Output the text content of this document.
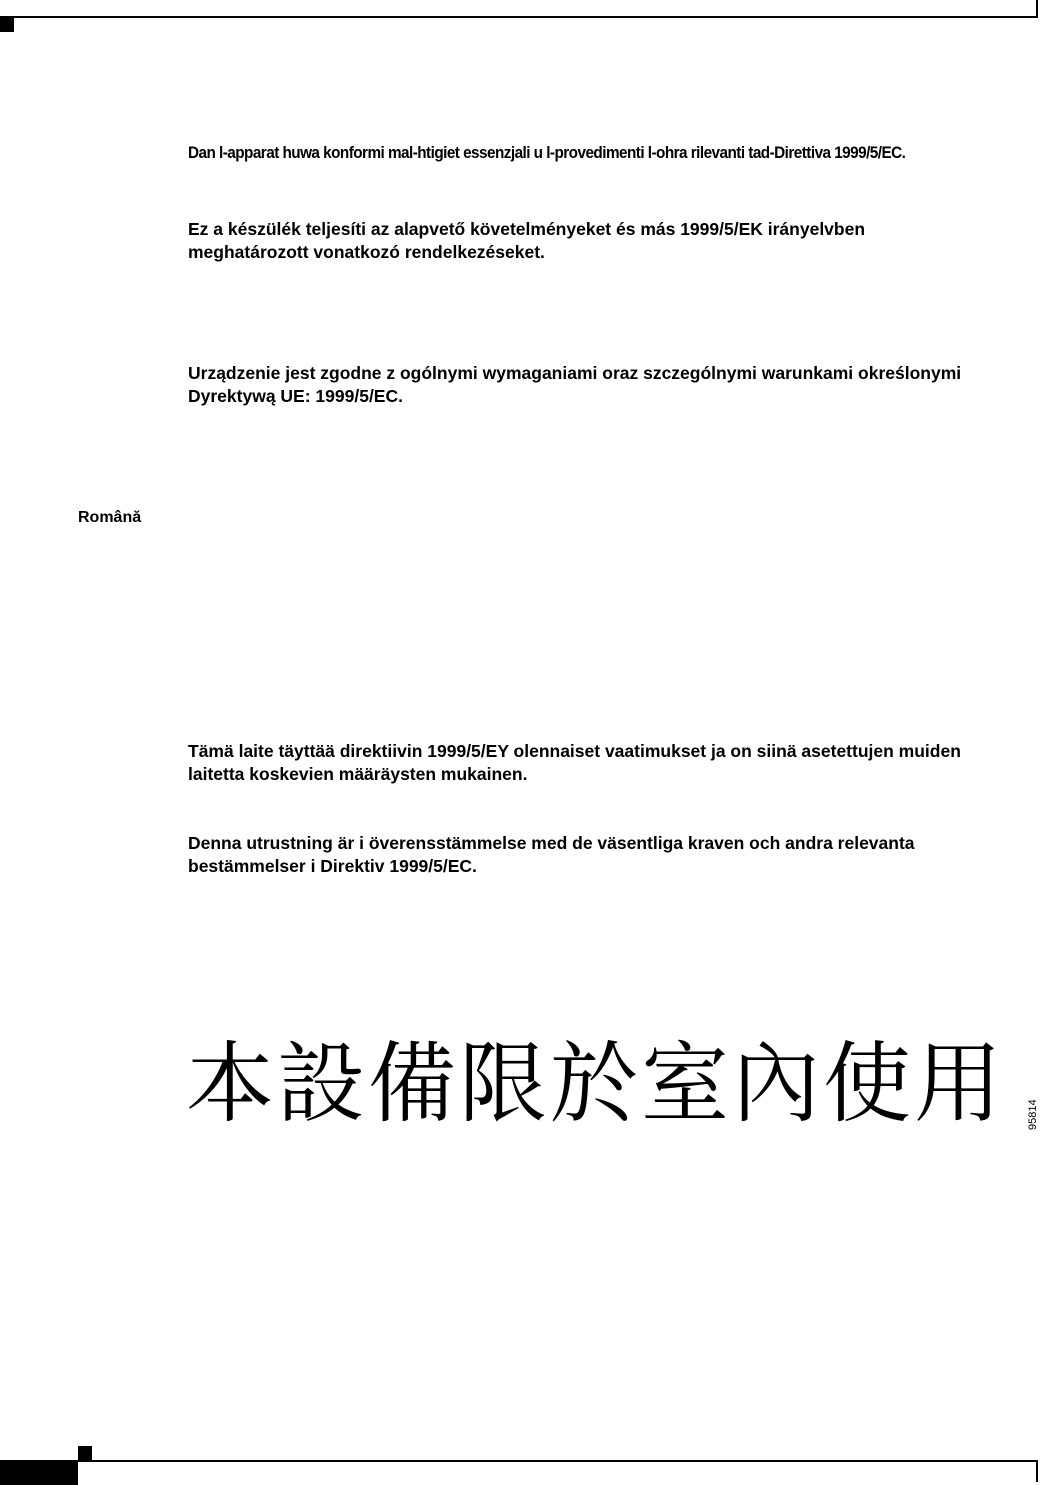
Dan l-apparat huwa konformi mal-htigiet essenzjali u l-provedimenti l-ohra rilevanti tad-Direttiva 1999/5/EC.
Ez a készülék teljesíti az alapvető követelményeket és más 1999/5/EK irányelvben
meghatározott vonatkozó rendelkezéseket.
Urządzenie jest zgodne z ogólnymi wymaganiami oraz szczególnymi warunkami określonymi
Dyrektywą UE: 1999/5/EC.
Română
Tämä laite täyttää direktiivin 1999/5/EY olennaiset vaatimukset ja on siinä asetettujen muiden
laitetta koskevien määräysten mukainen.
Denna utrustning är i överensstämmelse med de väsentliga kraven och andra relevanta
bestämmelser i Direktiv 1999/5/EC.
本設備限於室內使用 95814
